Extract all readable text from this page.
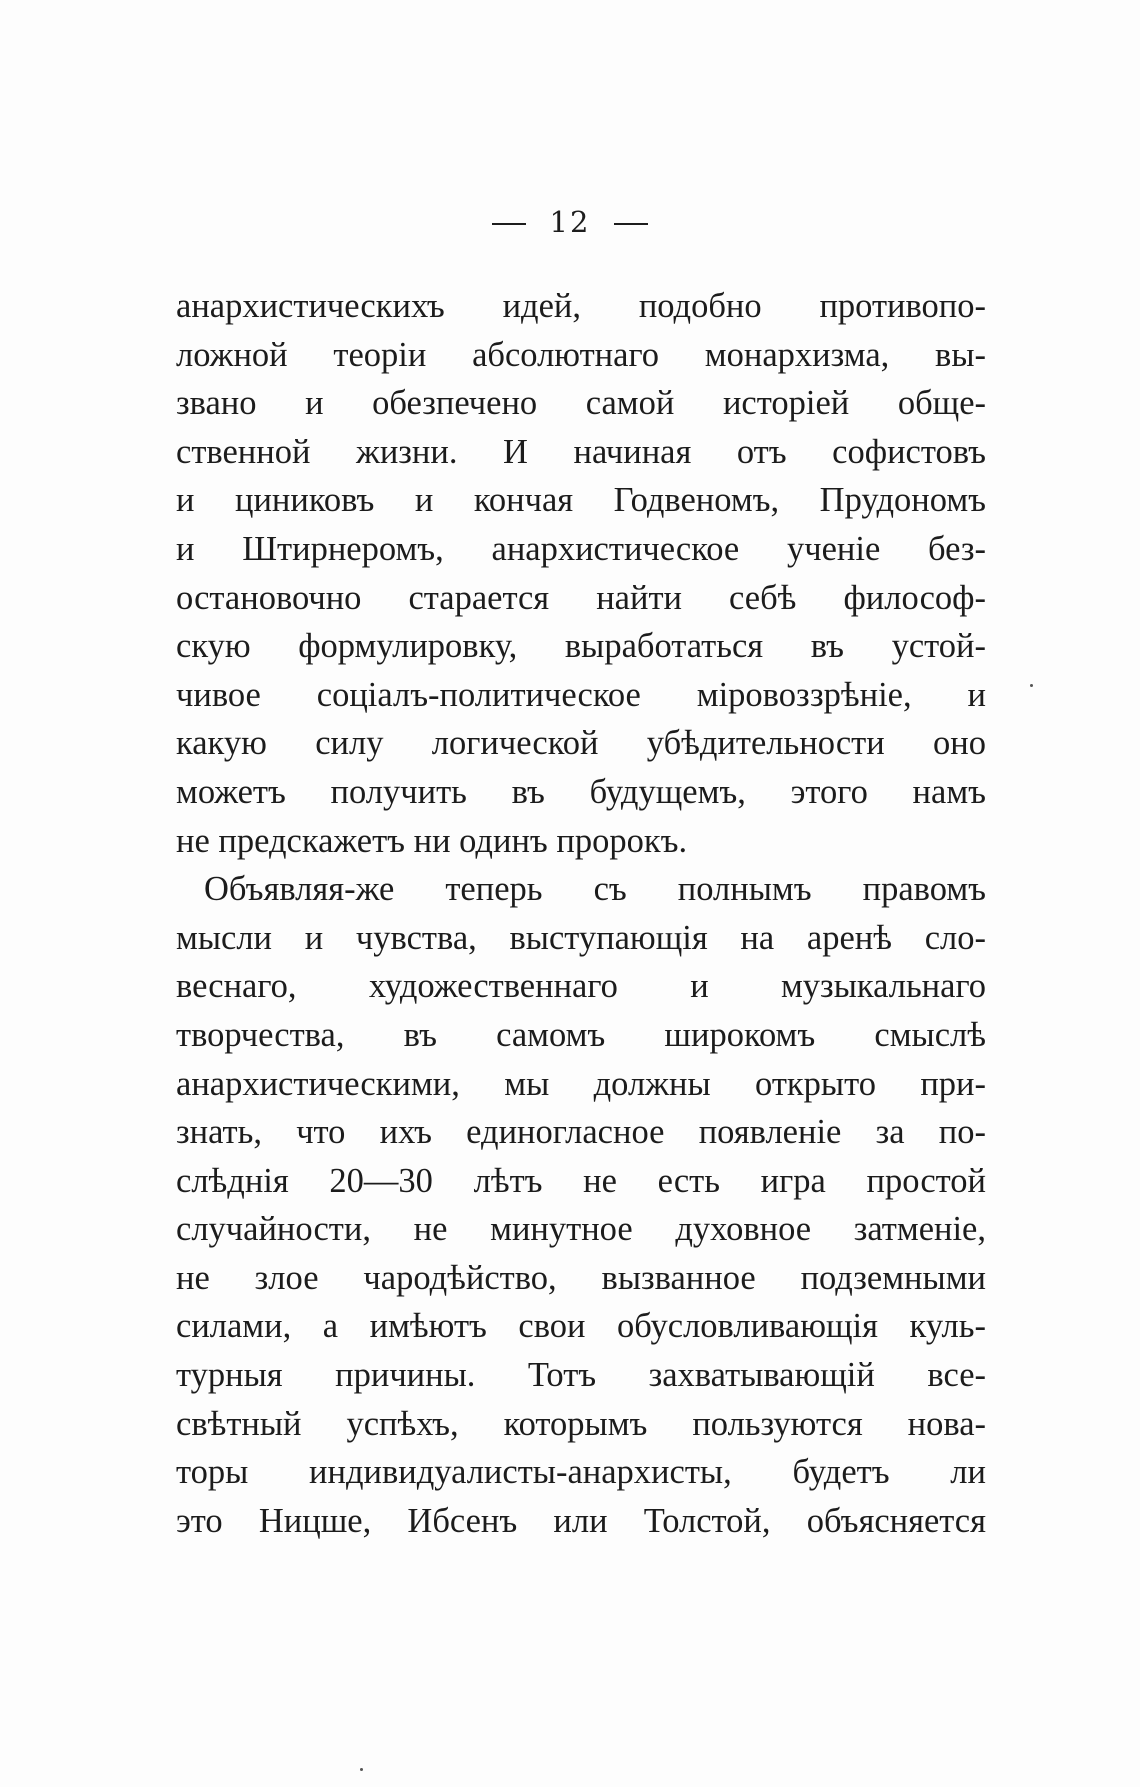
12
анархистическихъ идей, подобно противопо-
ложной теоріи абсолютнаго монархизма, вы-
звано и обезпечено самой исторіей обще-
ственной жизни. И начиная отъ софистовъ
и циниковъ и кончая Годвеномъ, Прудономъ
и Штирнеромъ, анархистическое ученіе без-
остановочно старается найти себѣ философ-
скую формулировку, выработаться въ устой-
чивое соціалъ-политическое міровоззрѣніе, и
какую силу логической убѣдительности оно
можетъ получить въ будущемъ, этого намъ
не предскажетъ ни одинъ пророкъ.
Объявляя-же теперь съ полнымъ правомъ
мысли и чувства, выступающія на аренѣ сло-
веснаго, художественнаго и музыкальнаго
творчества, въ самомъ широкомъ смыслѣ
анархистическими, мы должны открыто при-
знать, что ихъ единогласное появленіе за по-
слѣднія 20—30 лѣтъ не есть игра простой
случайности, не минутное духовное затменіе,
не злое чародѣйство, вызванное подземными
силами, а имѣютъ свои обусловливающія куль-
турныя причины. Тотъ захватывающій все-
свѣтный успѣхъ, которымъ пользуются нова-
торы индивидуалисты-анархисты, будетъ ли
это Ницше, Ибсенъ или Толстой, объясняется
